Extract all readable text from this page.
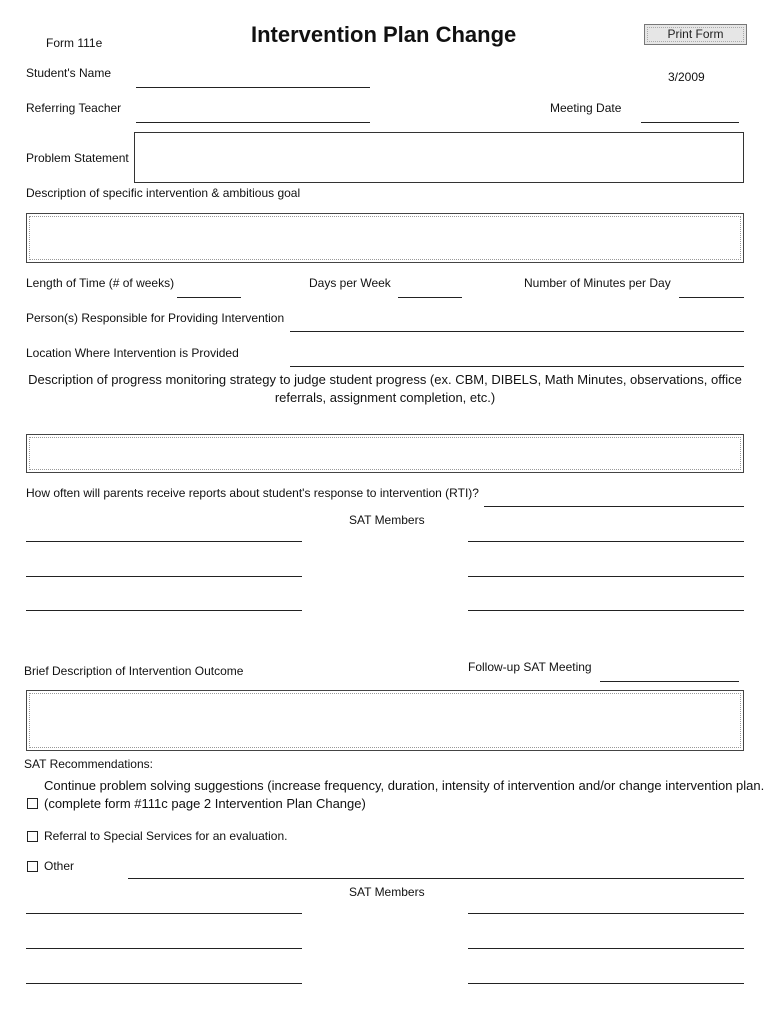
Form 111e	Intervention Plan Change	Print Form
3/2009
Student's Name
Referring Teacher	Meeting Date
Problem Statement
Description of specific intervention & ambitious goal
Length of Time (# of weeks)	Days per Week	Number of Minutes per Day
Person(s) Responsible for Providing Intervention
Location Where Intervention is Provided
Description of progress monitoring strategy to judge student progress (ex. CBM, DIBELS, Math Minutes, observations, office referrals, assignment completion, etc.)
How often will parents receive reports about student's response to intervention (RTI)?
SAT Members
Brief Description of Intervention Outcome	Follow-up SAT Meeting
SAT Recommendations:
Continue problem solving suggestions (increase frequency, duration, intensity of intervention and/or change intervention plan.
(complete form #111c page 2 Intervention Plan Change)
Referral to Special Services for an evaluation.
Other
SAT Members
